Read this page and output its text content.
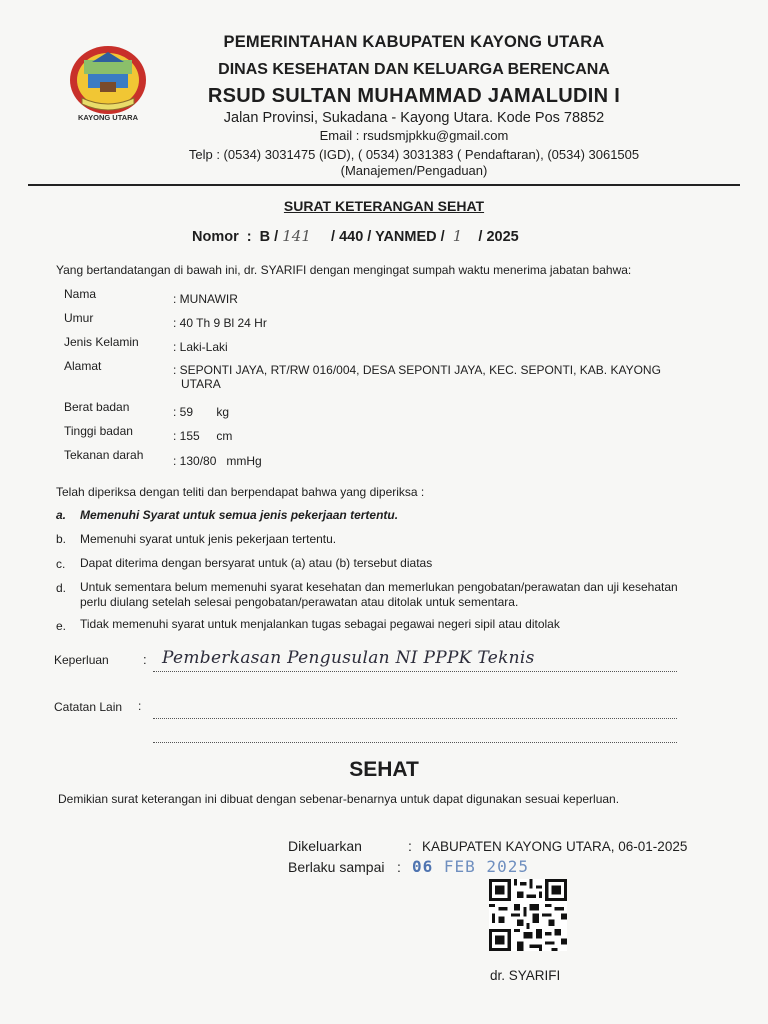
KAYONG UTARA
PEMERINTAHAN KABUPATEN KAYONG UTARA
DINAS KESEHATAN DAN KELUARGA BERENCANA
RSUD SULTAN MUHAMMAD JAMALUDIN I
Jalan Provinsi, Sukadana - Kayong Utara. Kode Pos 78852
Email : rsudsmjpkku@gmail.com
Telp : (0534) 3031475 (IGD), ( 0534) 3031383 ( Pendaftaran), (0534) 3061505
(Manajemen/Pengaduan)
SURAT KETERANGAN SEHAT
Nomor  :  B / 141 / 440 / YANMED / 1 / 2025
Yang bertandatangan di bawah ini, dr. SYARIFI dengan mengingat sumpah waktu menerima jabatan bahwa:
Nama	: MUNAWIR
Umur	: 40 Th 9 Bl 24 Hr
Jenis Kelamin	: Laki-Laki
Alamat	: SEPONTI JAYA, RT/RW 016/004, DESA SEPONTI JAYA, KEC. SEPONTI, KAB. KAYONG
UTARA
Berat badan	: 59       kg
Tinggi badan	: 155     cm
Tekanan darah : 130/80   mmHg
Telah diperiksa dengan teliti dan berpendapat bahwa yang diperiksa :
a. Memenuhi Syarat untuk semua jenis pekerjaan tertentu.
b. Memenuhi syarat untuk jenis pekerjaan tertentu.
c. Dapat diterima dengan bersyarat untuk (a) atau (b) tersebut diatas
d. Untuk sementara belum memenuhi syarat kesehatan dan memerlukan pengobatan/perawatan dan uji kesehatan
perlu diulang setelah selesai pengobatan/perawatan atau ditolak untuk sementara.
e. Tidak memenuhi syarat untuk menjalankan tugas sebagai pegawai negeri sipil atau ditolak
Keperluan	: Pemberkasan Pengusulan NI PPPK Teknis
Catatan Lain :
SEHAT
Demikian surat keterangan ini dibuat dengan sebenar-benarnya untuk dapat digunakan sesuai keperluan.
Dikeluarkan	: KABUPATEN KAYONG UTARA, 06-01-2025
Berlaku sampai : 06 FEB 2025
dr. SYARIFI
